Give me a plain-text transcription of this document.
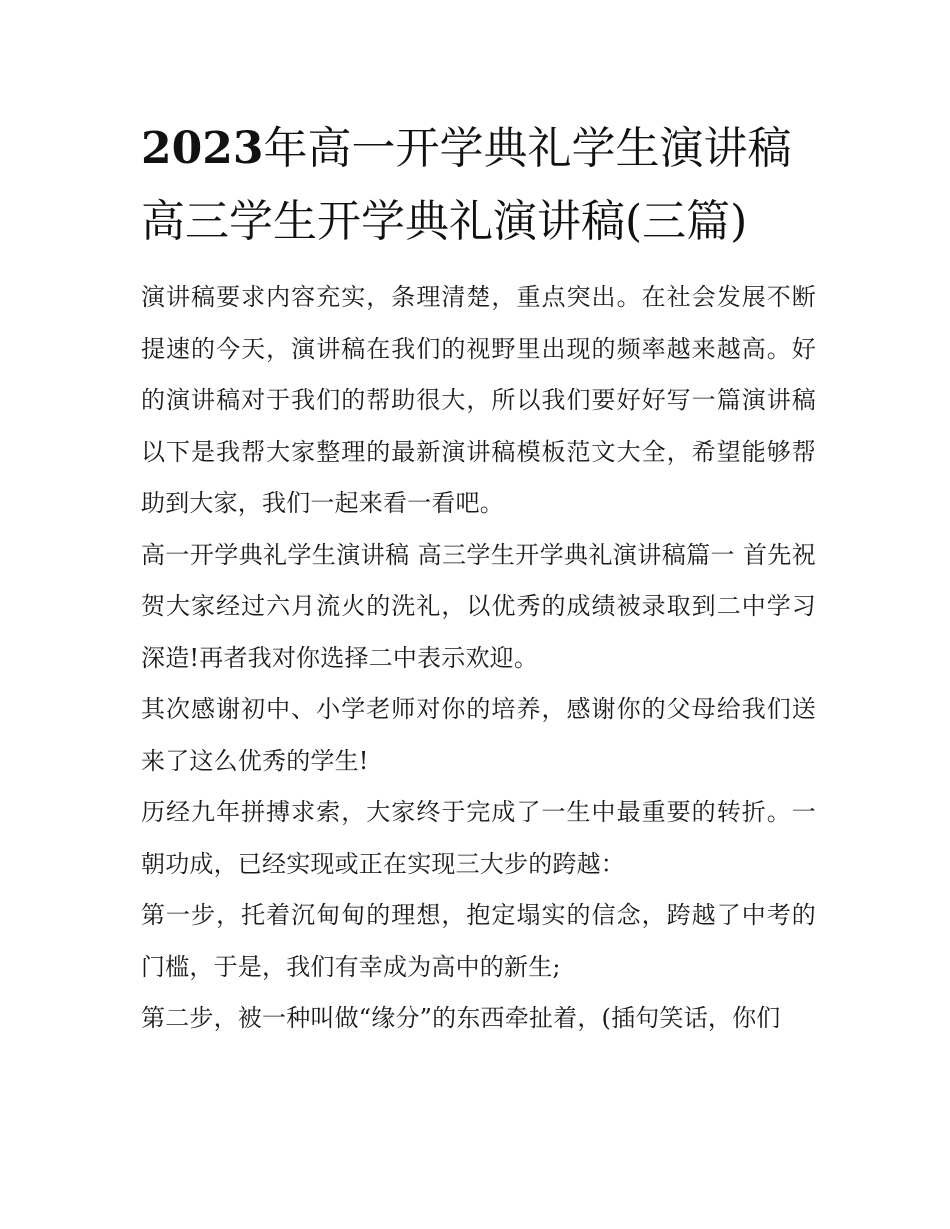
2023年高一开学典礼学生演讲稿 高三学生开学典礼演讲稿(三篇)

演讲稿要求内容充实，条理清楚，重点突出。在社会发展不断提速的今天，演讲稿在我们的视野里出现的频率越来越高。好的演讲稿对于我们的帮助很大，所以我们要好好写一篇演讲稿以下是我帮大家整理的最新演讲稿模板范文大全，希望能够帮助到大家，我们一起来看一看吧。

高一开学典礼学生演讲稿 高三学生开学典礼演讲稿篇一 首先祝贺大家经过六月流火的洗礼，以优秀的成绩被录取到二中学习深造!再者我对你选择二中表示欢迎。

其次感谢初中、小学老师对你的培养，感谢你的父母给我们送来了这么优秀的学生!

历经九年拼搏求索，大家终于完成了一生中最重要的转折。一朝功成，已经实现或正在实现三大步的跨越：

第一步，托着沉甸甸的理想，抱定塌实的信念，跨越了中考的门槛，于是，我们有幸成为高中的新生;

第二步，被一种叫做“缘分”的东西牵扯着，(插句笑话，你们
